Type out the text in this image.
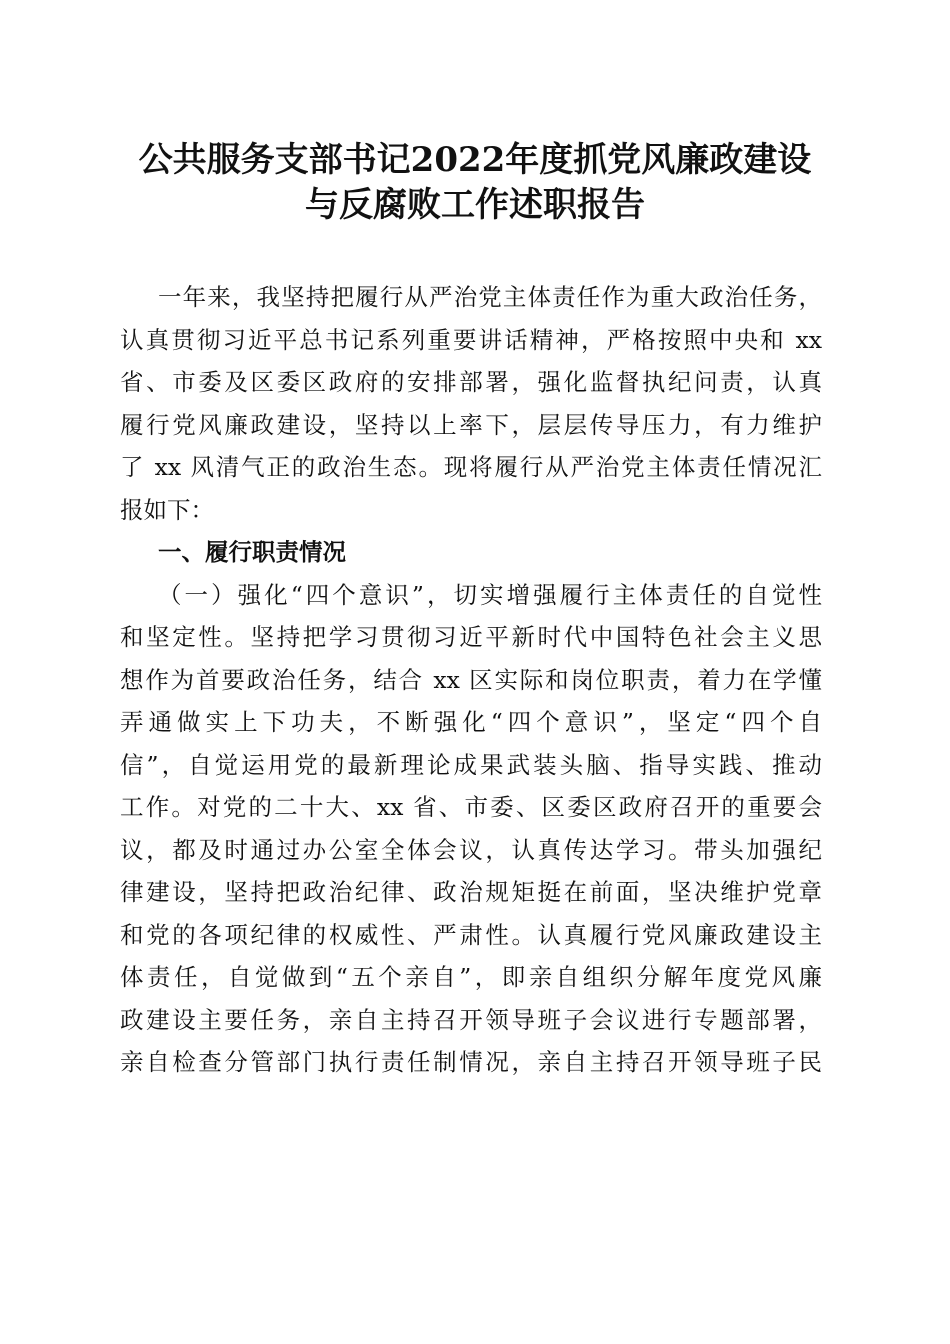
公共服务支部书记2022年度抓党风廉政建设
与反腐败工作述职报告
一年来，我坚持把履行从严治党主体责任作为重大政治任务，
认真贯彻习近平总书记系列重要讲话精神，严格按照中央和 xx
省、市委及区委区政府的安排部署，强化监督执纪问责，认真
履行党风廉政建设，坚持以上率下，层层传导压力，有力维护
了 xx 风清气正的政治生态。现将履行从严治党主体责任情况汇
报如下：
一、履行职责情况
（一）强化“四个意识”，切实增强履行主体责任的自觉性
和坚定性。坚持把学习贯彻习近平新时代中国特色社会主义思
想作为首要政治任务，结合 xx 区实际和岗位职责，着力在学懂
弄通做实上下功夫，不断强化“四个意识”，坚定“四个自
信”，自觉运用党的最新理论成果武装头脑、指导实践、推动
工作。对党的二十大、xx 省、市委、区委区政府召开的重要会
议，都及时通过办公室全体会议，认真传达学习。带头加强纪
律建设，坚持把政治纪律、政治规矩挺在前面，坚决维护党章
和党的各项纪律的权威性、严肃性。认真履行党风廉政建设主
体责任，自觉做到“五个亲自”，即亲自组织分解年度党风廉
政建设主要任务，亲自主持召开领导班子会议进行专题部署，
亲自检查分管部门执行责任制情况，亲自主持召开领导班子民
